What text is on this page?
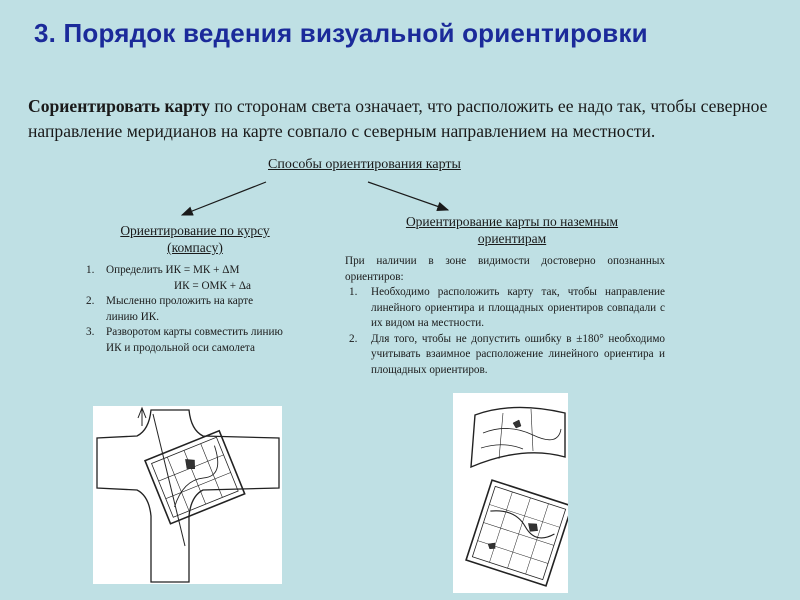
3. Порядок ведения визуальной ориентировки

Сориентировать карту по сторонам света означает, что расположить ее надо так, чтобы северное направление меридианов на карте совпало с северным направлением на местности.

Способы ориентирования карты
Ориентирование по курсу
(компасу)
1. Определить ИК = МК + ΔМ
ИК = ОМК + Δа
2. Мысленно проложить на карте линию ИК.
3. Разворотом карты совместить линию ИК и продольной оси самолета
Ориентирование карты по наземным
ориентирам
При наличии в зоне видимости достоверно опознанных ориентиров:
1. Необходимо расположить карту так, чтобы направление линейного ориентира и площадных ориентиров совпадали с их видом на местности.
2. Для того, чтобы не допустить ошибку в ±180° необходимо учитывать взаимное расположение линейного ориентира и площадных ориентиров.
